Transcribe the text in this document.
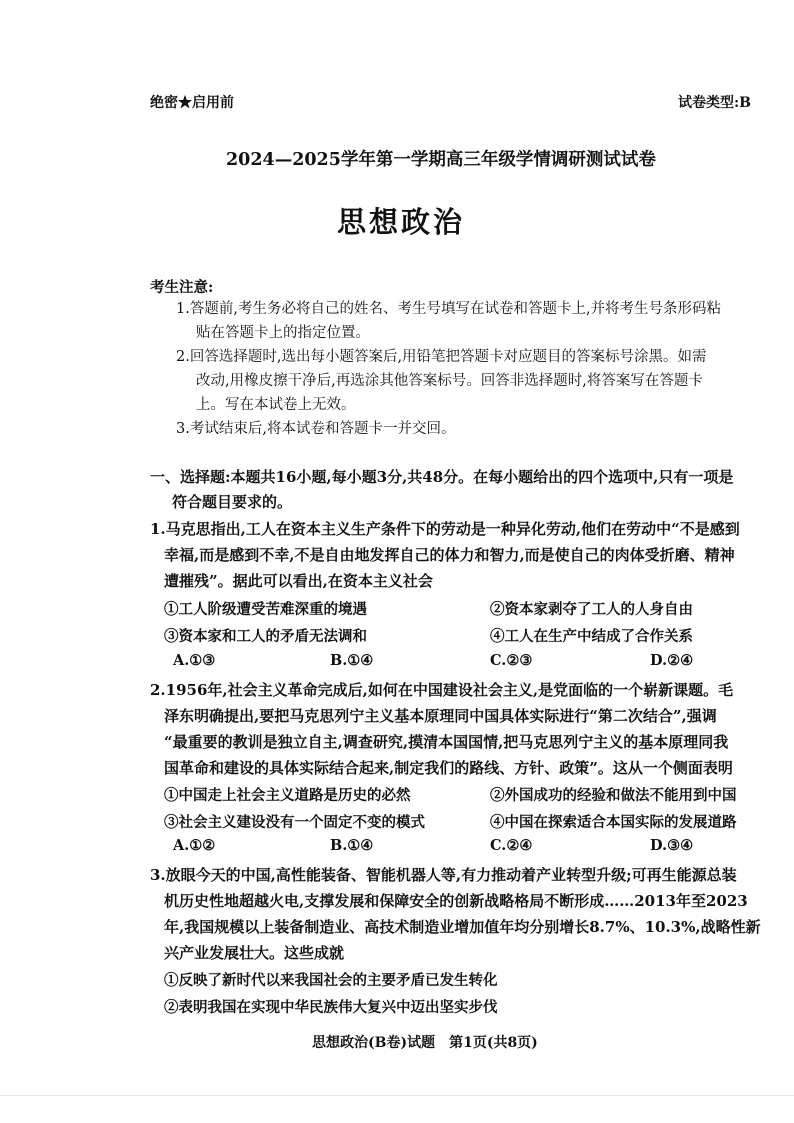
绝密★启用前	试卷类型:B
2024—2025学年第一学期高三年级学情调研测试试卷
思想政治
考生注意:
1.答题前,考生务必将自己的姓名、考生号填写在试卷和答题卡上,并将考生号条形码粘
贴在答题卡上的指定位置。
2.回答选择题时,选出每小题答案后,用铅笔把答题卡对应题目的答案标号涂黑。如需
改动,用橡皮擦干净后,再选涂其他答案标号。回答非选择题时,将答案写在答题卡
上。写在本试卷上无效。
3.考试结束后,将本试卷和答题卡一并交回。
一、选择题:本题共16小题,每小题3分,共48分。在每小题给出的四个选项中,只有一项是
符合题目要求的。
1.马克思指出,工人在资本主义生产条件下的劳动是一种异化劳动,他们在劳动中“不是感到
幸福,而是感到不幸,不是自由地发挥自己的体力和智力,而是使自己的肉体受折磨、精神
遭摧残”。据此可以看出,在资本主义社会
①工人阶级遭受苦难深重的境遇	②资本家剥夺了工人的人身自由
③资本家和工人的矛盾无法调和	④工人在生产中结成了合作关系
A.①③	B.①④	C.②③	D.②④
2.1956年,社会主义革命完成后,如何在中国建设社会主义,是党面临的一个崭新课题。毛
泽东明确提出,要把马克思列宁主义基本原理同中国具体实际进行“第二次结合”,强调
“最重要的教训是独立自主,调查研究,摸清本国国情,把马克思列宁主义的基本原理同我
国革命和建设的具体实际结合起来,制定我们的路线、方针、政策”。这从一个侧面表明
①中国走上社会主义道路是历史的必然	②外国成功的经验和做法不能用到中国
③社会主义建设没有一个固定不变的模式	④中国在探索适合本国实际的发展道路
A.①②	B.①④	C.②④	D.③④
3.放眼今天的中国,高性能装备、智能机器人等,有力推动着产业转型升级;可再生能源总装
机历史性地超越火电,支撑发展和保障安全的创新战略格局不断形成……2013年至2023
年,我国规模以上装备制造业、高技术制造业增加值年均分别增长8.7%、10.3%,战略性新
兴产业发展壮大。这些成就
①反映了新时代以来我国社会的主要矛盾已发生转化
②表明我国在实现中华民族伟大复兴中迈出坚实步伐
思想政治(B卷)试题　第1页(共8页)
